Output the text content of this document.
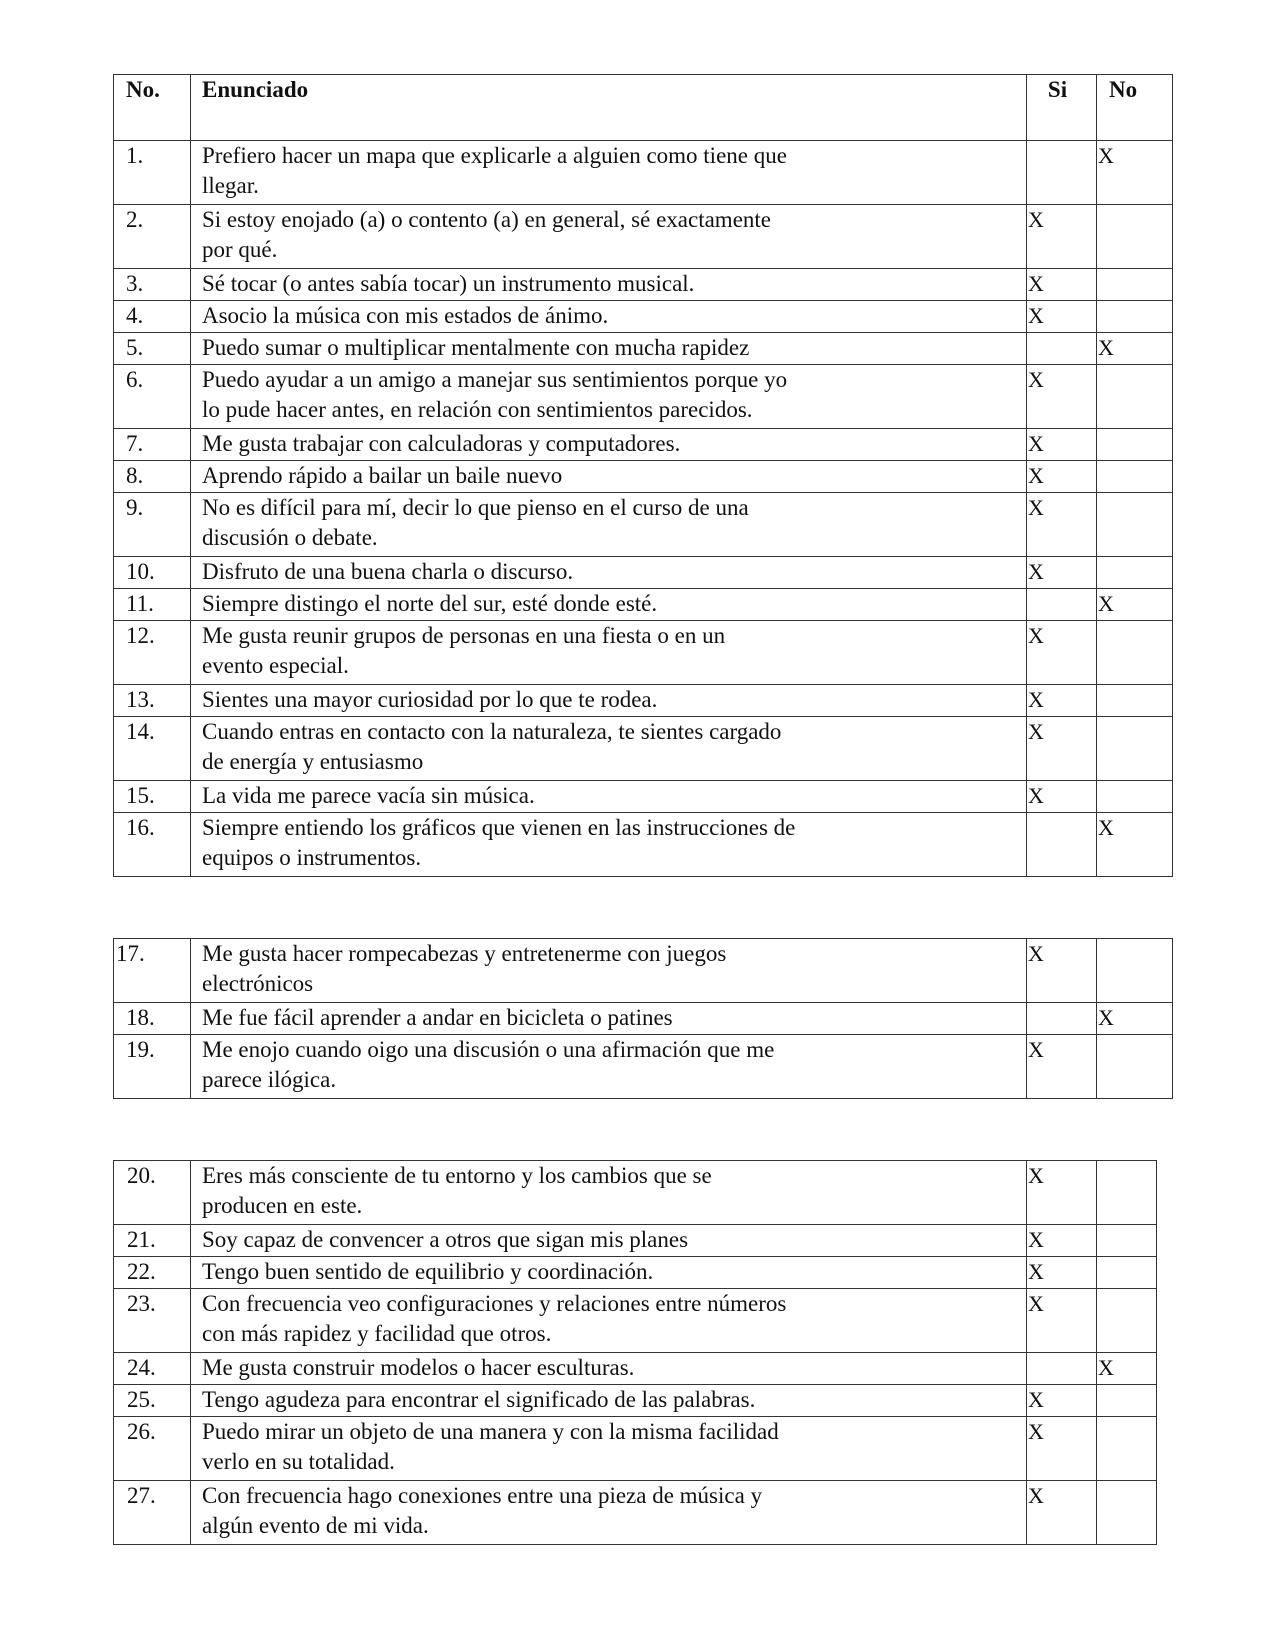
No.	Enunciado	Si	No
1.	Prefiero hacer un mapa que explicarle a alguien como tiene que
llegar.		X
2.	Si estoy enojado (a) o contento (a) en general, sé exactamente
por qué.	X	
3.	Sé tocar (o antes sabía tocar) un instrumento musical.	X	
4.	Asocio la música con mis estados de ánimo.	X	
5.	Puedo sumar o multiplicar mentalmente con mucha rapidez		X
6.	Puedo ayudar a un amigo a manejar sus sentimientos porque yo
lo pude hacer antes, en relación con sentimientos parecidos.	X	
7.	Me gusta trabajar con calculadoras y computadores.	X	
8.	Aprendo rápido a bailar un baile nuevo	X	
9.	No es difícil para mí, decir lo que pienso en el curso de una
discusión o debate.	X	
10.	Disfruto de una buena charla o discurso.	X	
11.	Siempre distingo el norte del sur, esté donde esté.		X
12.	Me gusta reunir grupos de personas en una fiesta o en un
evento especial.	X	
13.	Sientes una mayor curiosidad por lo que te rodea.	X	
14.	Cuando entras en contacto con la naturaleza, te sientes cargado
de energía y entusiasmo	X	
15.	La vida me parece vacía sin música.	X	
16.	Siempre entiendo los gráficos que vienen en las instrucciones de
equipos o instrumentos.		X
17.	Me gusta hacer rompecabezas y entretenerme con juegos
electrónicos	X	
18.	Me fue fácil aprender a andar en bicicleta o patines		X
19.	Me enojo cuando oigo una discusión o una afirmación que me
parece ilógica.	X	
20.	Eres más consciente de tu entorno y los cambios que se
producen en este.	X	
21.	Soy capaz de convencer a otros que sigan mis planes	X	
22.	Tengo buen sentido de equilibrio y coordinación.	X	
23.	Con frecuencia veo configuraciones y relaciones entre números
con más rapidez y facilidad que otros.	X	
24.	Me gusta construir modelos o hacer esculturas.		X
25.	Tengo agudeza para encontrar el significado de las palabras.	X	
26.	Puedo mirar un objeto de una manera y con la misma facilidad
verlo en su totalidad.	X	
27.	Con frecuencia hago conexiones entre una pieza de música y
algún evento de mi vida.	X	
